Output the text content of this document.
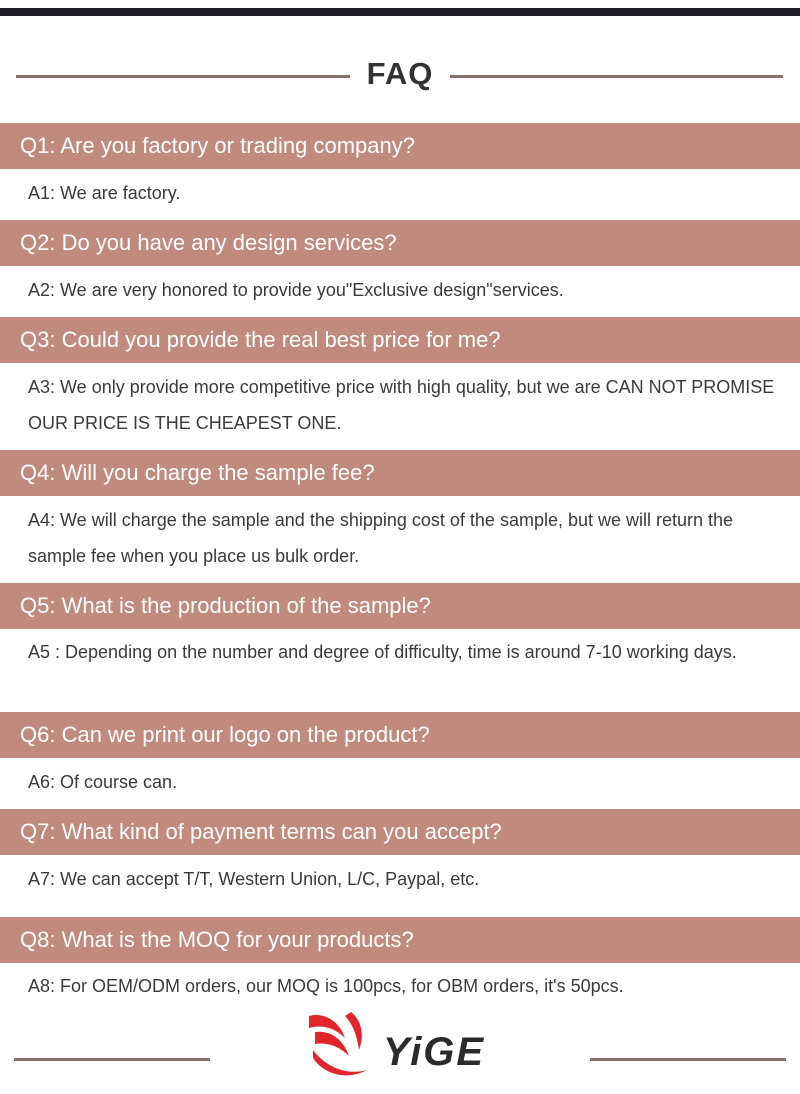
FAQ
Q1: Are you factory or trading company?
A1: We are factory.
Q2: Do you have any design services?
A2: We are very honored to provide you"Exclusive design"services.
Q3: Could you provide the real best price for me?
A3: We only provide more competitive price with high quality, but we are CAN NOT PROMISE OUR PRICE IS THE CHEAPEST ONE.
Q4: Will you charge the sample fee?
A4: We will charge the sample and the shipping cost of the sample, but we will return the sample fee when you place us bulk order.
Q5: What is the production of the sample?
A5 : Depending on the number and degree of difficulty, time is around 7-10 working days.
Q6: Can we print our logo on the product?
A6: Of course can.
Q7: What kind of payment terms can you accept?
A7: We can accept T/T, Western Union, L/C, Paypal, etc.
Q8: What is the MOQ for your products?
A8: For OEM/ODM orders, our MOQ is 100pcs, for OBM orders, it's 50pcs.
YiGE
